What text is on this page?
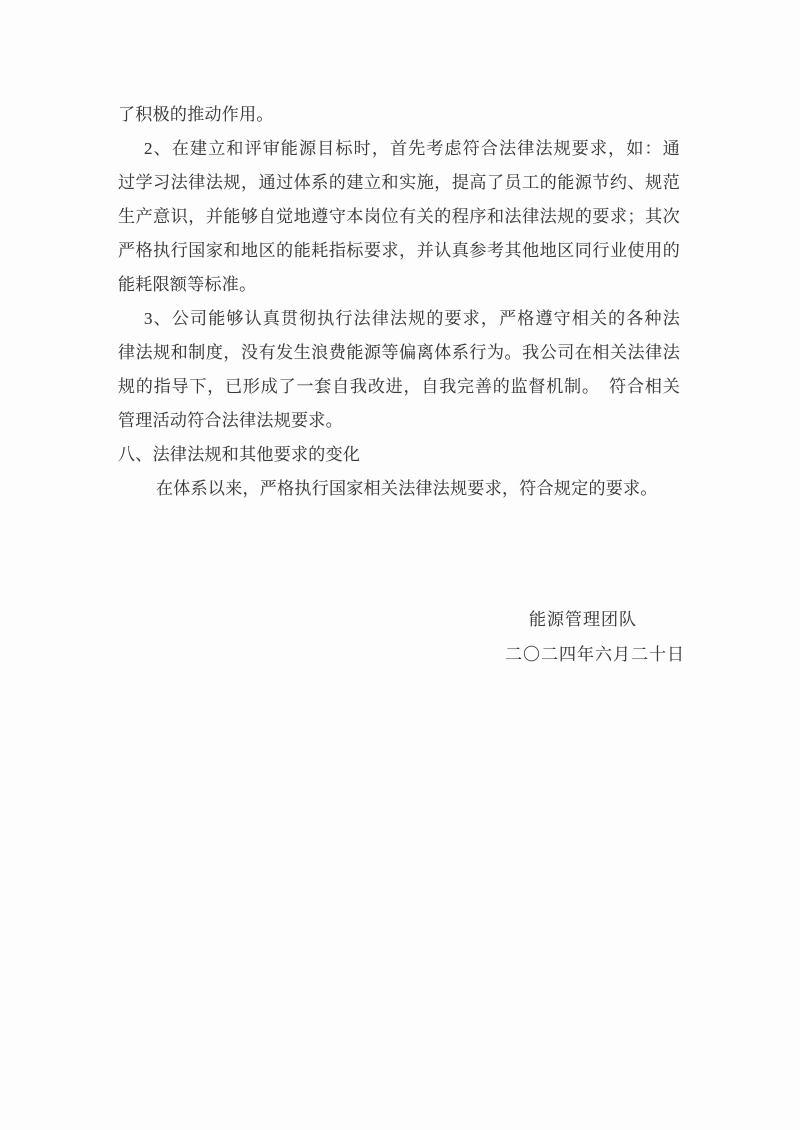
了积极的推动作用。
2、在建立和评审能源目标时，首先考虑符合法律法规要求，如：通
过学习法律法规，通过体系的建立和实施，提高了员工的能源节约、规范
生产意识，并能够自觉地遵守本岗位有关的程序和法律法规的要求；其次
严格执行国家和地区的能耗指标要求，并认真参考其他地区同行业使用的
能耗限额等标准。
3、公司能够认真贯彻执行法律法规的要求，严格遵守相关的各种法
律法规和制度，没有发生浪费能源等偏离体系行为。我公司在相关法律法
规的指导下，已形成了一套自我改进，自我完善的监督机制。　符合相关
管理活动符合法律法规要求。
八、法律法规和其他要求的变化
在体系以来，严格执行国家相关法律法规要求，符合规定的要求。
能源管理团队
二〇二四年六月二十日
